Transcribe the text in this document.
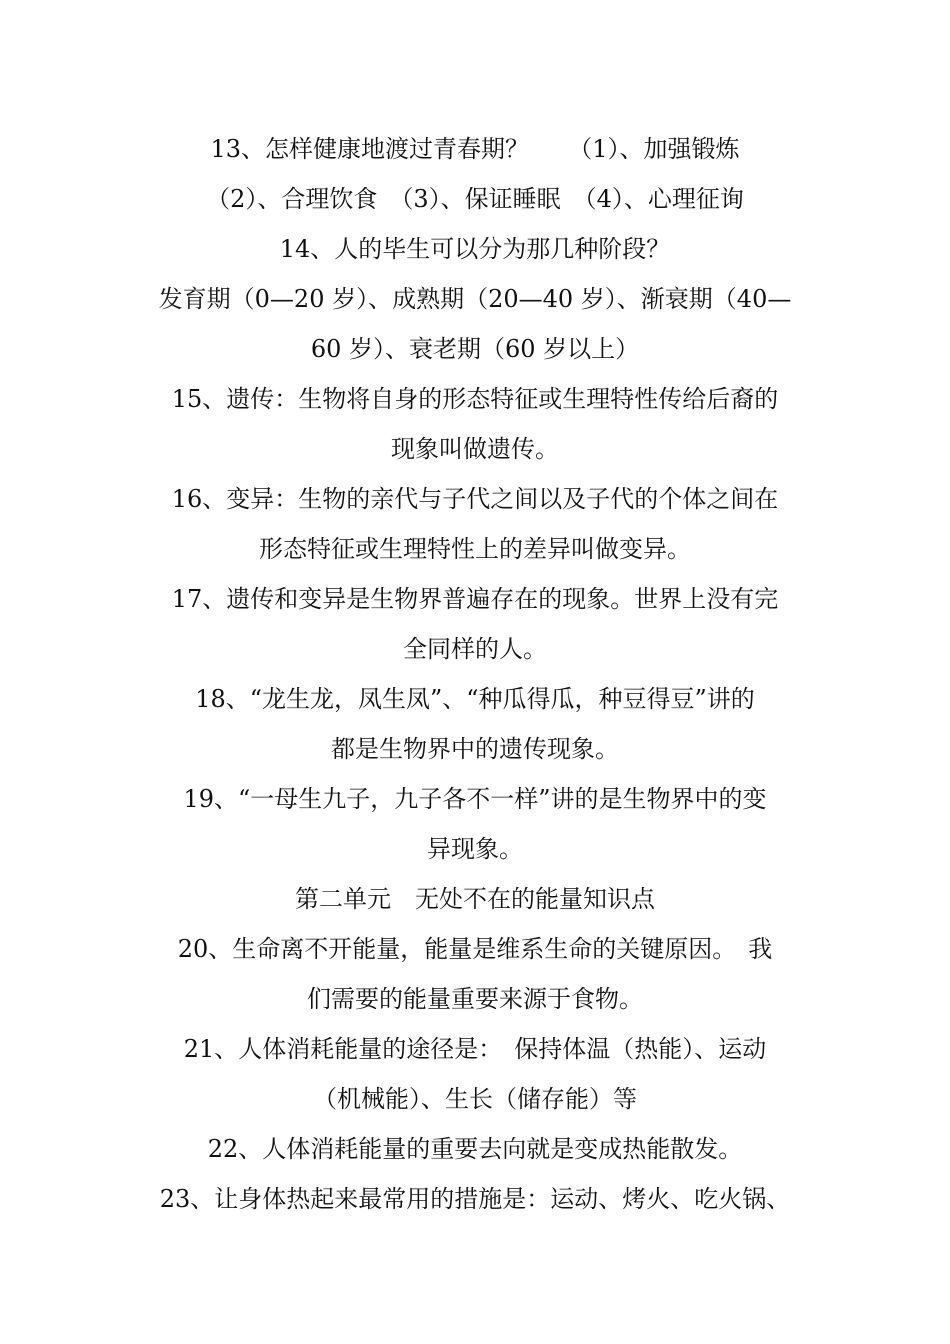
13、怎样健康地渡过青春期？　  （1）、加强锻炼
（2）、合理饮食　（3）、保证睡眠　（4）、心理征询
14、人的毕生可以分为那几种阶段？
发育期（0—20 岁）、成熟期（20—40 岁）、渐衰期（40—
60 岁）、衰老期（60 岁以上）
15、遗传：生物将自身的形态特征或生理特性传给后裔的
现象叫做遗传。
16、变异：生物的亲代与子代之间以及子代的个体之间在
形态特征或生理特性上的差异叫做变异。
17、遗传和变异是生物界普遍存在的现象。世界上没有完
全同样的人。
18、“龙生龙，凤生凤”、“种瓜得瓜，种豆得豆”讲的
都是生物界中的遗传现象。
19、“一母生九子，九子各不一样”讲的是生物界中的变
异现象。
第二单元　无处不在的能量知识点
20、生命离不开能量，能量是维系生命的关键原因。　我
们需要的能量重要来源于食物。
21、人体消耗能量的途径是：　保持体温（热能）、运动
（机械能）、生长（储存能）等
22、人体消耗能量的重要去向就是变成热能散发。
23、让身体热起来最常用的措施是：运动、烤火、吃火锅、
